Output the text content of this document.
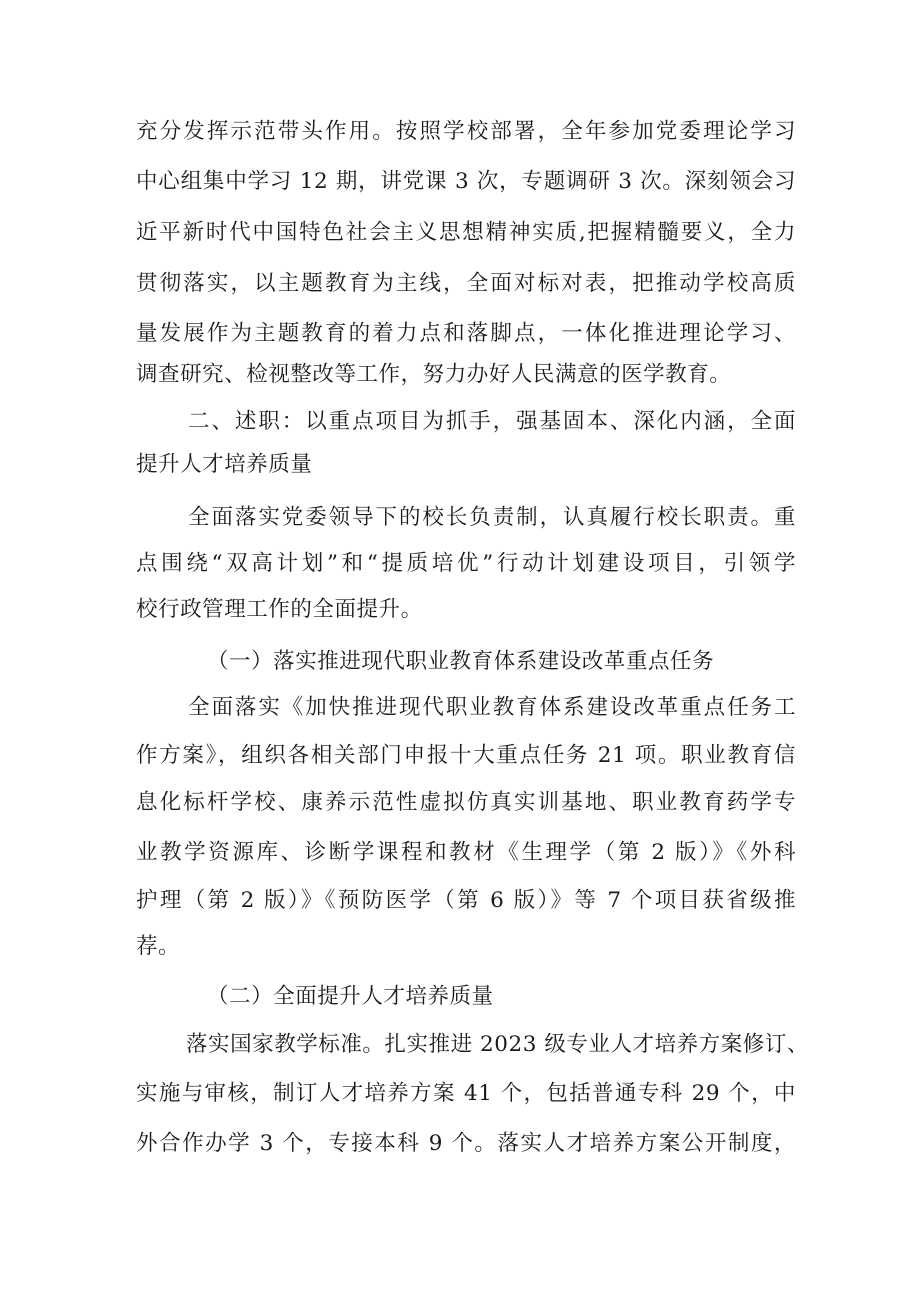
充分发挥示范带头作用。按照学校部署，全年参加党委理论学习

中心组集中学习 12 期，讲党课 3 次，专题调研 3 次。深刻领会习

近平新时代中国特色社会主义思想精神实质,把握精髓要义，全力

贯彻落实，以主题教育为主线，全面对标对表，把推动学校高质

量发展作为主题教育的着力点和落脚点，一体化推进理论学习、

调查研究、检视整改等工作，努力办好人民满意的医学教育。

二、述职：以重点项目为抓手，强基固本、深化内涵，全面

提升人才培养质量

全面落实党委领导下的校长负责制，认真履行校长职责。重

点围绕“双高计划”和“提质培优”行动计划建设项目，引领学

校行政管理工作的全面提升。

（一）落实推进现代职业教育体系建设改革重点任务

全面落实《加快推进现代职业教育体系建设改革重点任务工

作方案》，组织各相关部门申报十大重点任务 21 项。职业教育信

息化标杆学校、康养示范性虚拟仿真实训基地、职业教育药学专

业教学资源库、诊断学课程和教材《生理学（第 2 版）》《外科

护理（第 2 版）》《预防医学（第 6 版）》等 7 个项目获省级推

荐。

（二）全面提升人才培养质量

落实国家教学标准。扎实推进 2023 级专业人才培养方案修订、

实施与审核，制订人才培养方案 41 个，包括普通专科 29 个，中

外合作办学 3 个，专接本科 9 个。落实人才培养方案公开制度，
